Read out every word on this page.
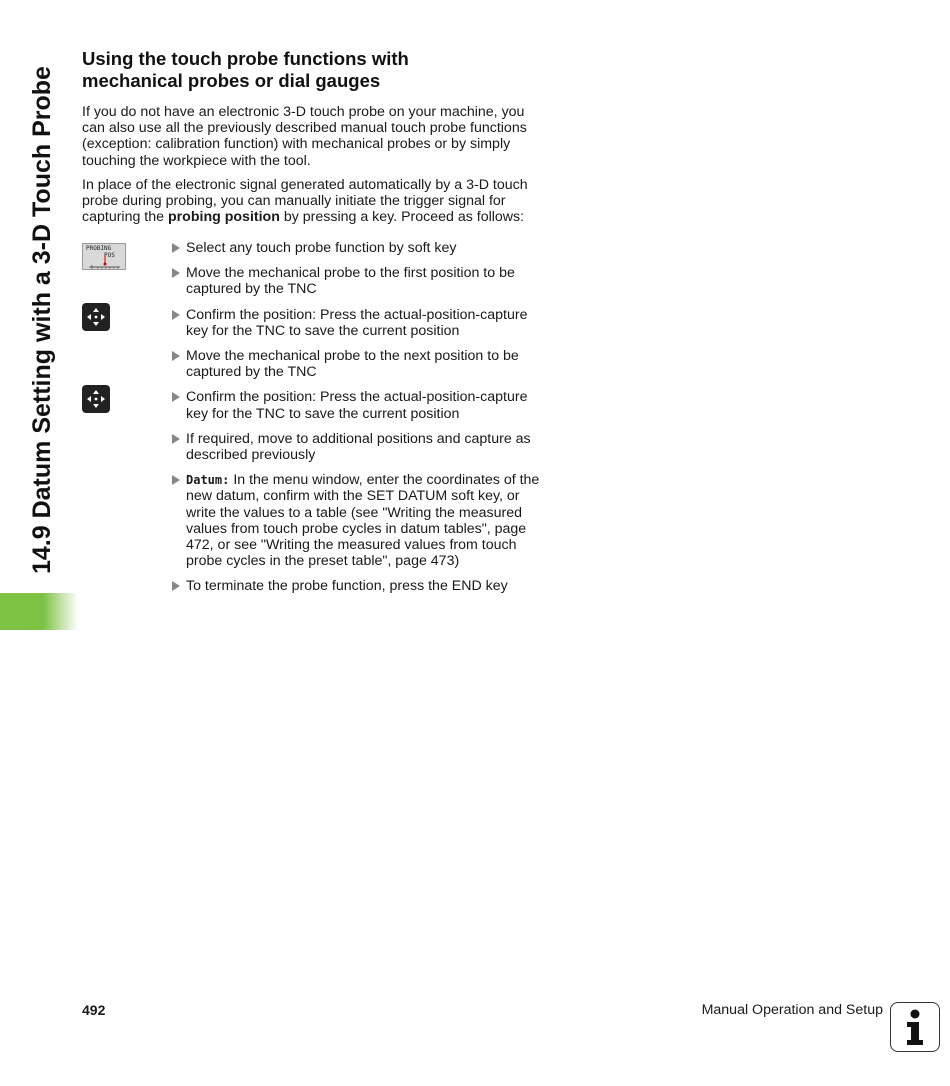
14.9 Datum Setting with a 3-D Touch Probe
Using the touch probe functions with
mechanical probes or dial gauges

If you do not have an electronic 3-D touch probe on your machine, you can also use all the previously described manual touch probe functions (exception: calibration function) with mechanical probes or by simply touching the workpiece with the tool.

In place of the electronic signal generated automatically by a 3-D touch probe during probing, you can manually initiate the trigger signal for capturing the probing position by pressing a key. Proceed as follows:

PROBING
POS	Select any touch probe function by soft key
Move the mechanical probe to the first position to be captured by the TNC
Confirm the position: Press the actual-position-capture key for the TNC to save the current position
Move the mechanical probe to the next position to be captured by the TNC
Confirm the position: Press the actual-position-capture key for the TNC to save the current position
If required, move to additional positions and capture as described previously
Datum: In the menu window, enter the coordinates of the new datum, confirm with the SET DATUM soft key, or write the values to a table (see "Writing the measured values from touch probe cycles in datum tables", page 472, or see "Writing the measured values from touch probe cycles in the preset table", page 473)
To terminate the probe function, press the END key
492	Manual Operation and Setup
